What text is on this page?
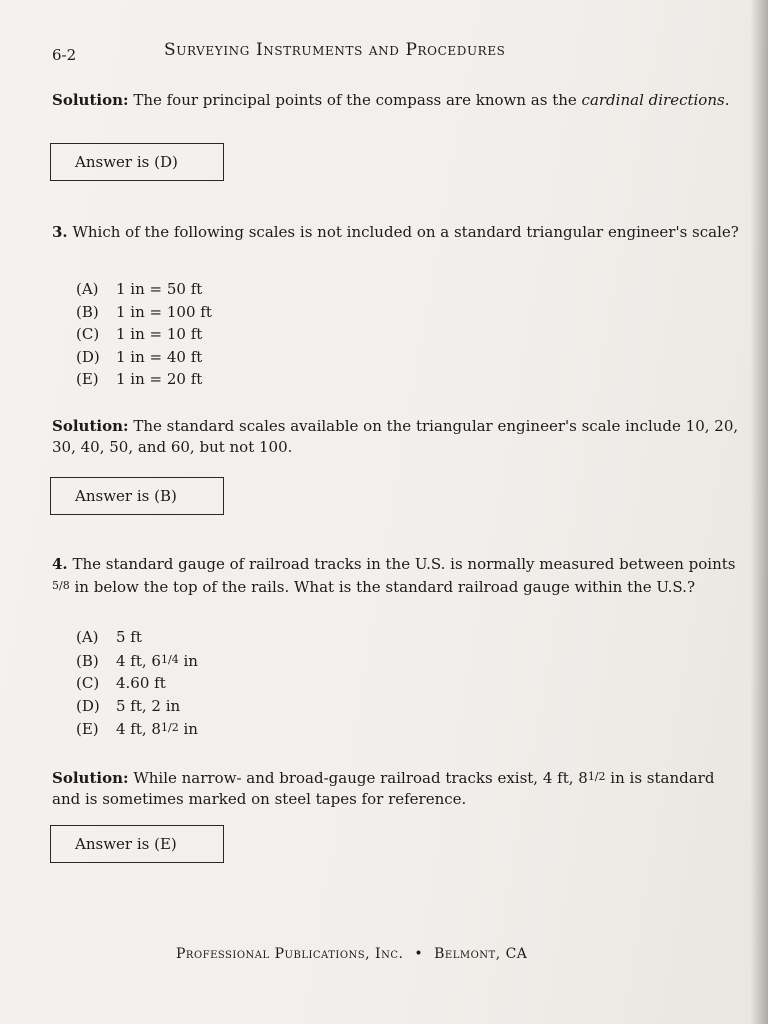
6-2	Surveying Instruments and Procedures
Solution: The four principal points of the compass are known as the cardinal directions.
Answer is (D)
3. Which of the following scales is not included on a standard triangular engineer's scale?
(A) 1 in = 50 ft
(B) 1 in = 100 ft
(C) 1 in = 10 ft
(D) 1 in = 40 ft
(E) 1 in = 20 ft
Solution: The standard scales available on the triangular engineer's scale include 10, 20, 30, 40, 50, and 60, but not 100.
Answer is (B)
4. The standard gauge of railroad tracks in the U.S. is normally measured between points $^{5/8}$ in below the top of the rails. What is the standard railroad gauge within the U.S.?
(A) 5 ft
(B) 4 ft, $6^{1/4}$ in
(C) 4.60 ft
(D) 5 ft, 2 in
(E) 4 ft, $8^{1/2}$ in
Solution: While narrow- and broad-gauge railroad tracks exist, 4 ft, $8^{1/2}$ in is standard and is sometimes marked on steel tapes for reference.
Answer is (E)
Professional Publications, Inc. • Belmont, CA
